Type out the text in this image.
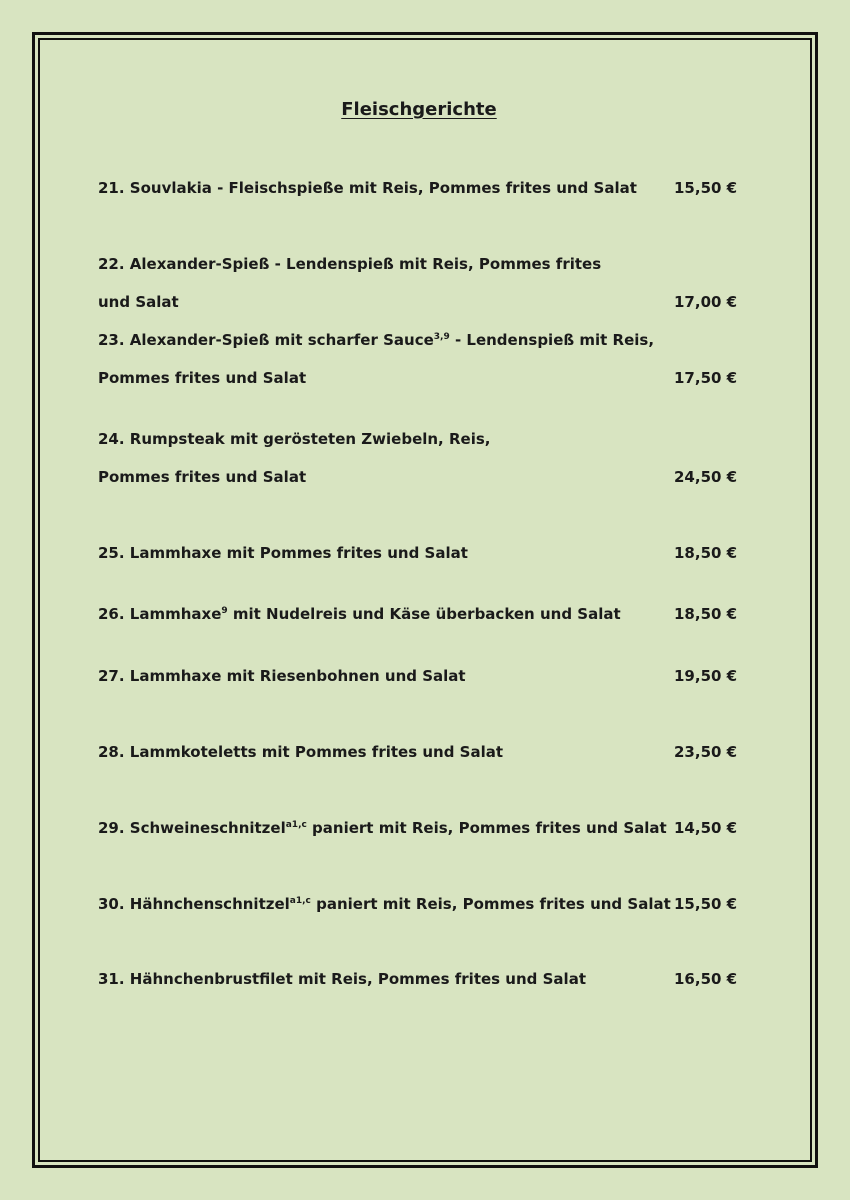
Fleischgerichte
21. Souvlakia - Fleischspieße mit Reis, Pommes frites und Salat 15,50 €
22. Alexander-Spieß - Lendenspieß mit Reis, Pommes frites
und Salat	17,00 €
23. Alexander-Spieß mit scharfer Sauce$^{3,9}$ - Lendenspieß mit Reis,
Pommes frites und Salat	17,50 €
24. Rumpsteak mit gerösteten Zwiebeln, Reis,
Pommes frites und Salat	24,50 €
25. Lammhaxe mit Pommes frites und Salat	18,50 €
26. Lammhaxe$^9$ mit Nudelreis und Käse überbacken und Salat	18,50 €
27. Lammhaxe mit Riesenbohnen und Salat	19,50 €
28. Lammkoteletts mit Pommes frites und Salat	23,50 €
29. Schweineschnitzel$^{a1,c}$ paniert mit Reis, Pommes frites und Salat 14,50 €
30. Hähnchenschnitzel$^{a1,c}$ paniert mit Reis, Pommes frites und Salat 15,50 €
31. Hähnchenbrustfilet mit Reis, Pommes frites und Salat	16,50 €
